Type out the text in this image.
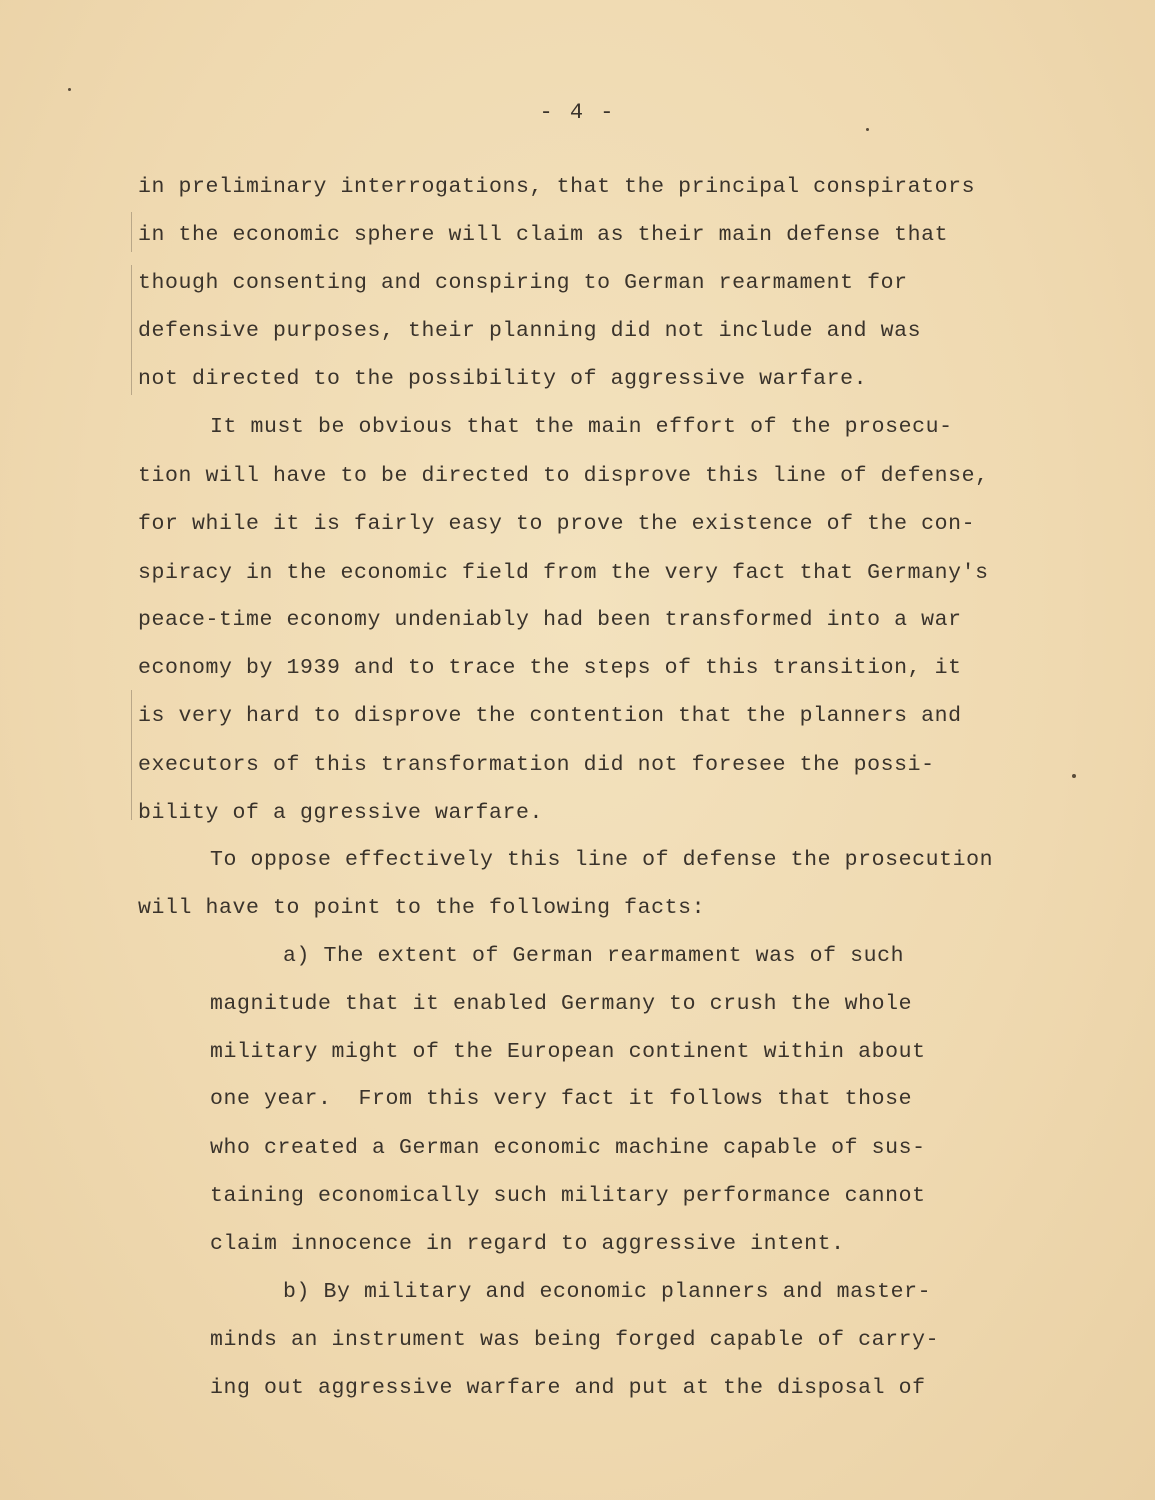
- 4 -
in preliminary interrogations, that the principal conspirators
in the economic sphere will claim as their main defense that
though consenting and conspiring to German rearmament for
defensive purposes, their planning did not include and was
not directed to the possibility of aggressive warfare.
It must be obvious that the main effort of the prosecu-
tion will have to be directed to disprove this line of defense,
for while it is fairly easy to prove the existence of the con-
spiracy in the economic field from the very fact that Germany's
peace-time economy undeniably had been transformed into a war
economy by 1939 and to trace the steps of this transition, it
is very hard to disprove the contention that the planners and
executors of this transformation did not foresee the possi-
bility of a ggressive warfare.
To oppose effectively this line of defense the prosecution
will have to point to the following facts:
a) The extent of German rearmament was of such
magnitude that it enabled Germany to crush the whole
military might of the European continent within about
one year.  From this very fact it follows that those
who created a German economic machine capable of sus-
taining economically such military performance cannot
claim innocence in regard to aggressive intent.
b) By military and economic planners and master-
minds an instrument was being forged capable of carry-
ing out aggressive warfare and put at the disposal of
